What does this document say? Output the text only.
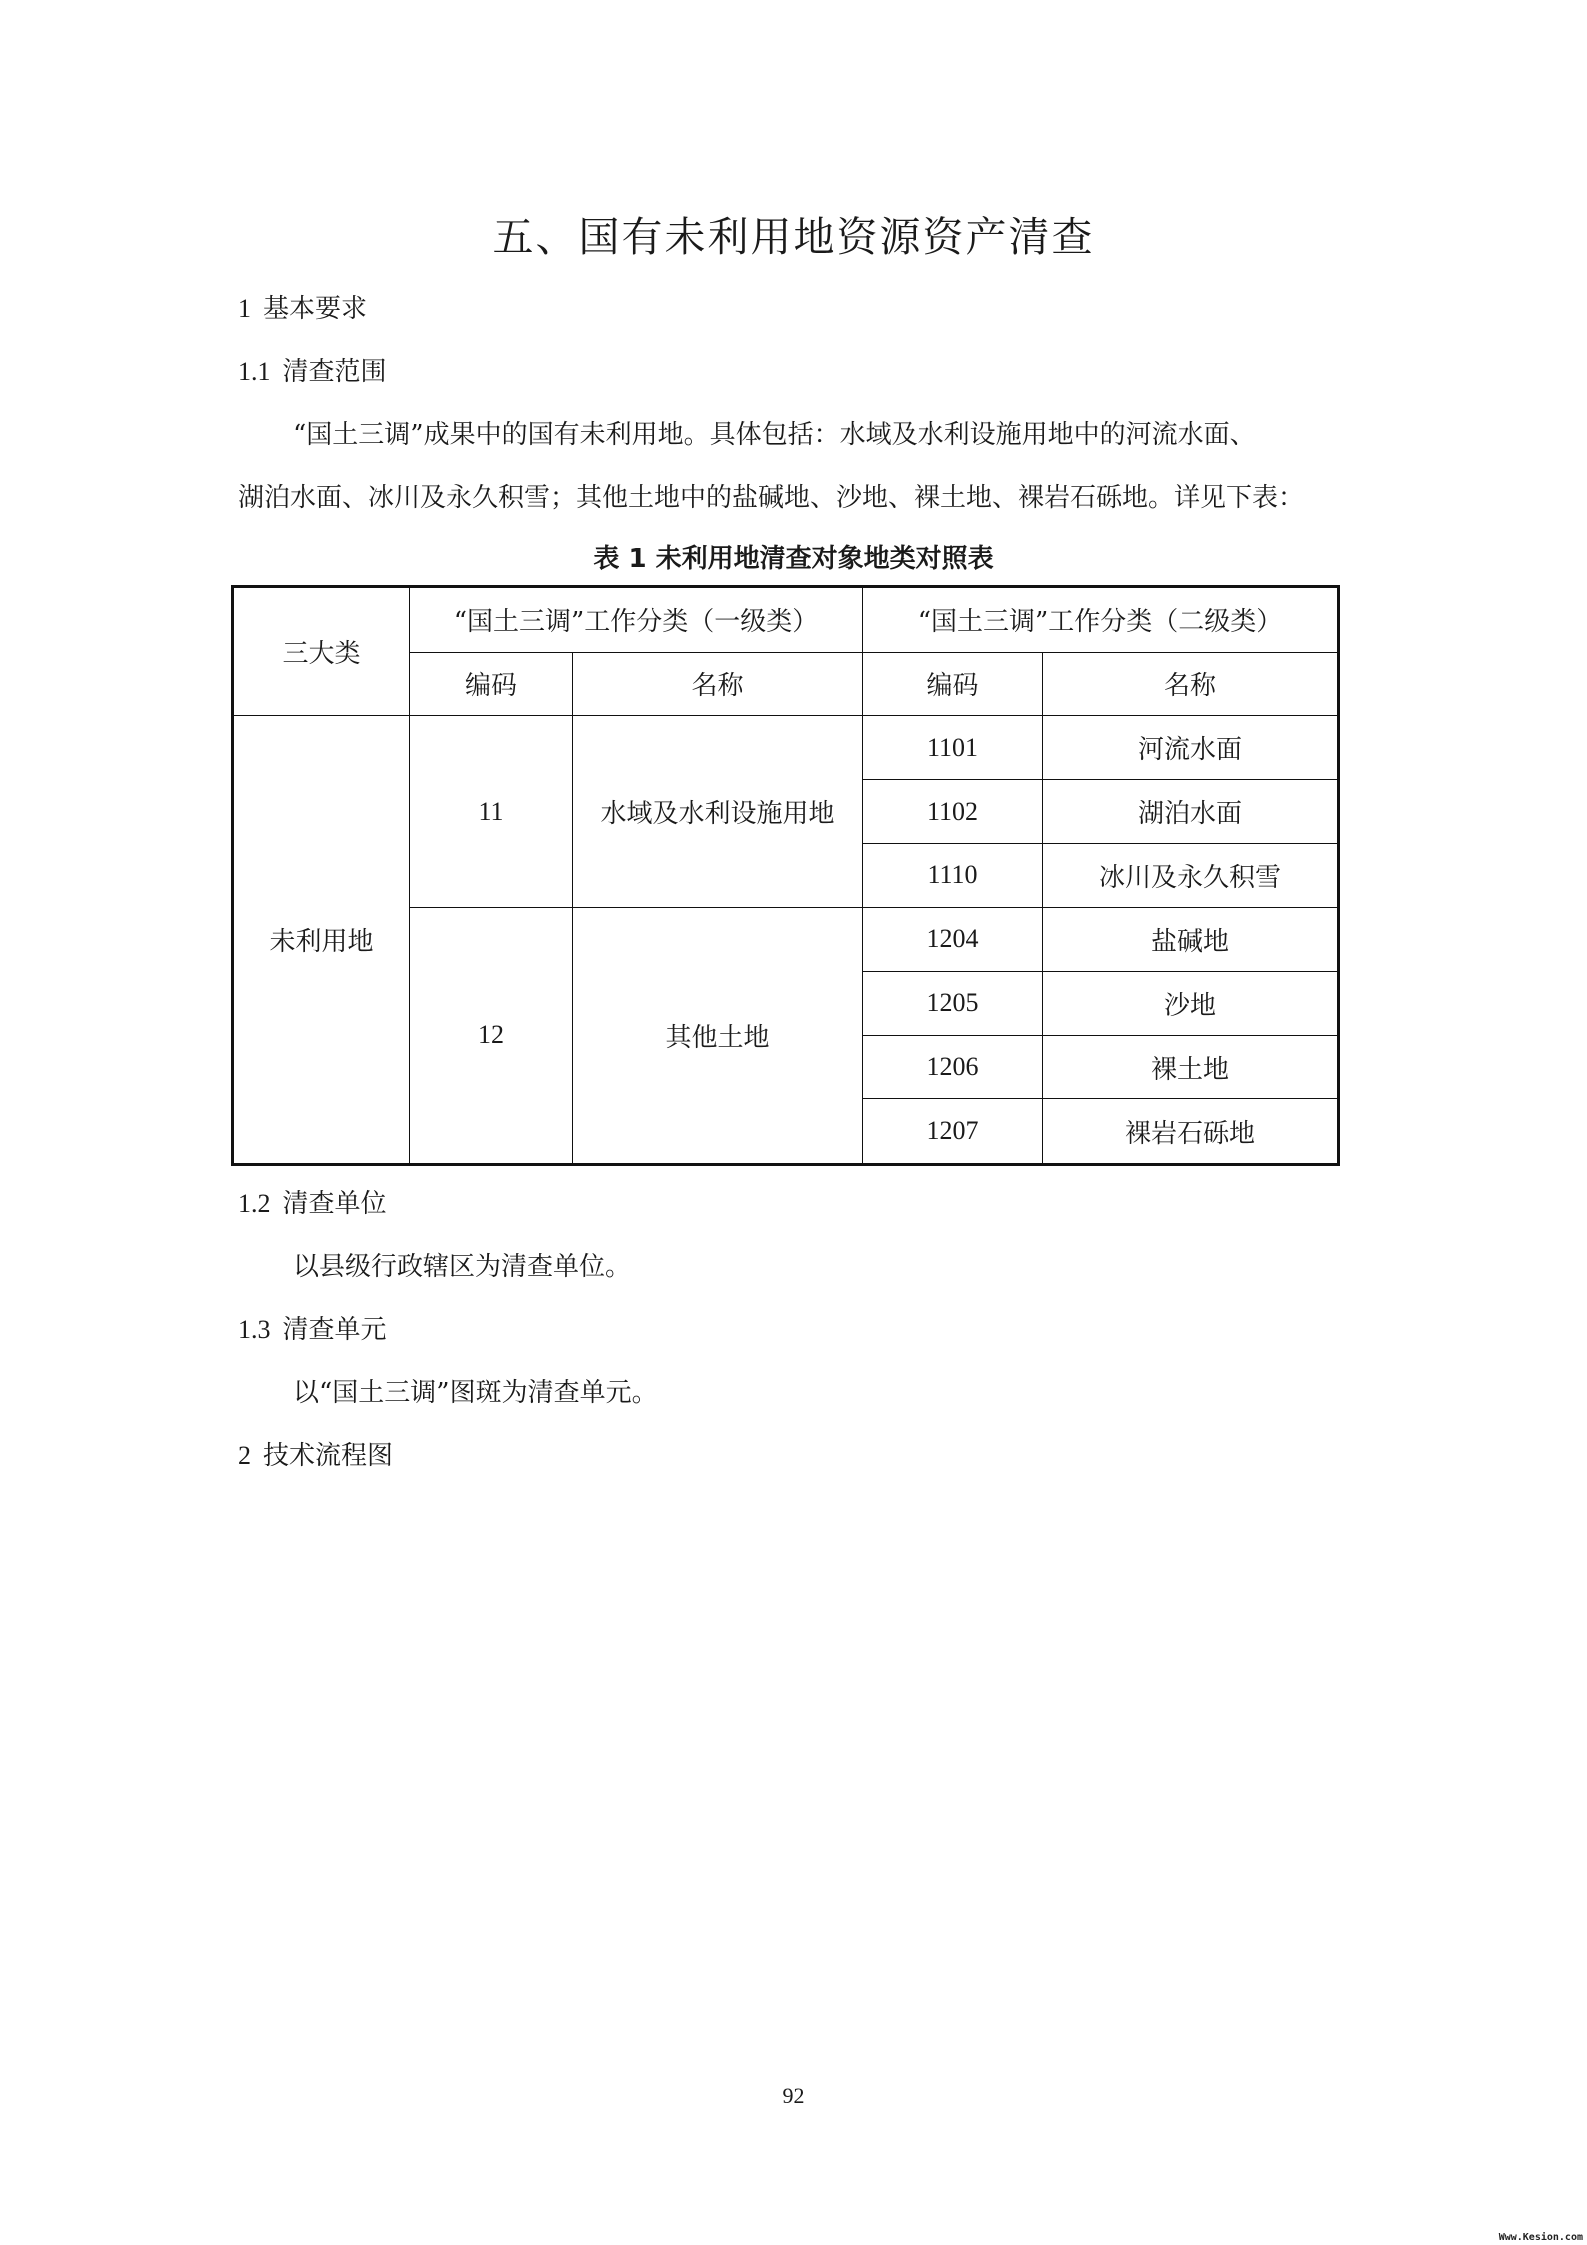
五、国有未利用地资源资产清查
1 基本要求
1.1 清查范围
“国土三调”成果中的国有未利用地。具体包括：水域及水利设施用地中的河流水面、
湖泊水面、冰川及永久积雪；其他土地中的盐碱地、沙地、裸土地、裸岩石砾地。详见下表：
表 1 未利用地清查对象地类对照表
三大类	“国土三调”工作分类（一级类）		“国土三调”工作分类（二级类）	
	编码	名称	编码	名称
未利用地	11	水域及水利设施用地	1101	河流水面
			1102	湖泊水面
			1110	冰川及永久积雪
	12	其他土地	1204	盐碱地
			1205	沙地
			1206	裸土地
			1207	裸岩石砾地
1.2 清查单位
以县级行政辖区为清查单位。
1.3 清查单元
以“国土三调”图斑为清查单元。
2 技术流程图
92
Www.Kesion.com
